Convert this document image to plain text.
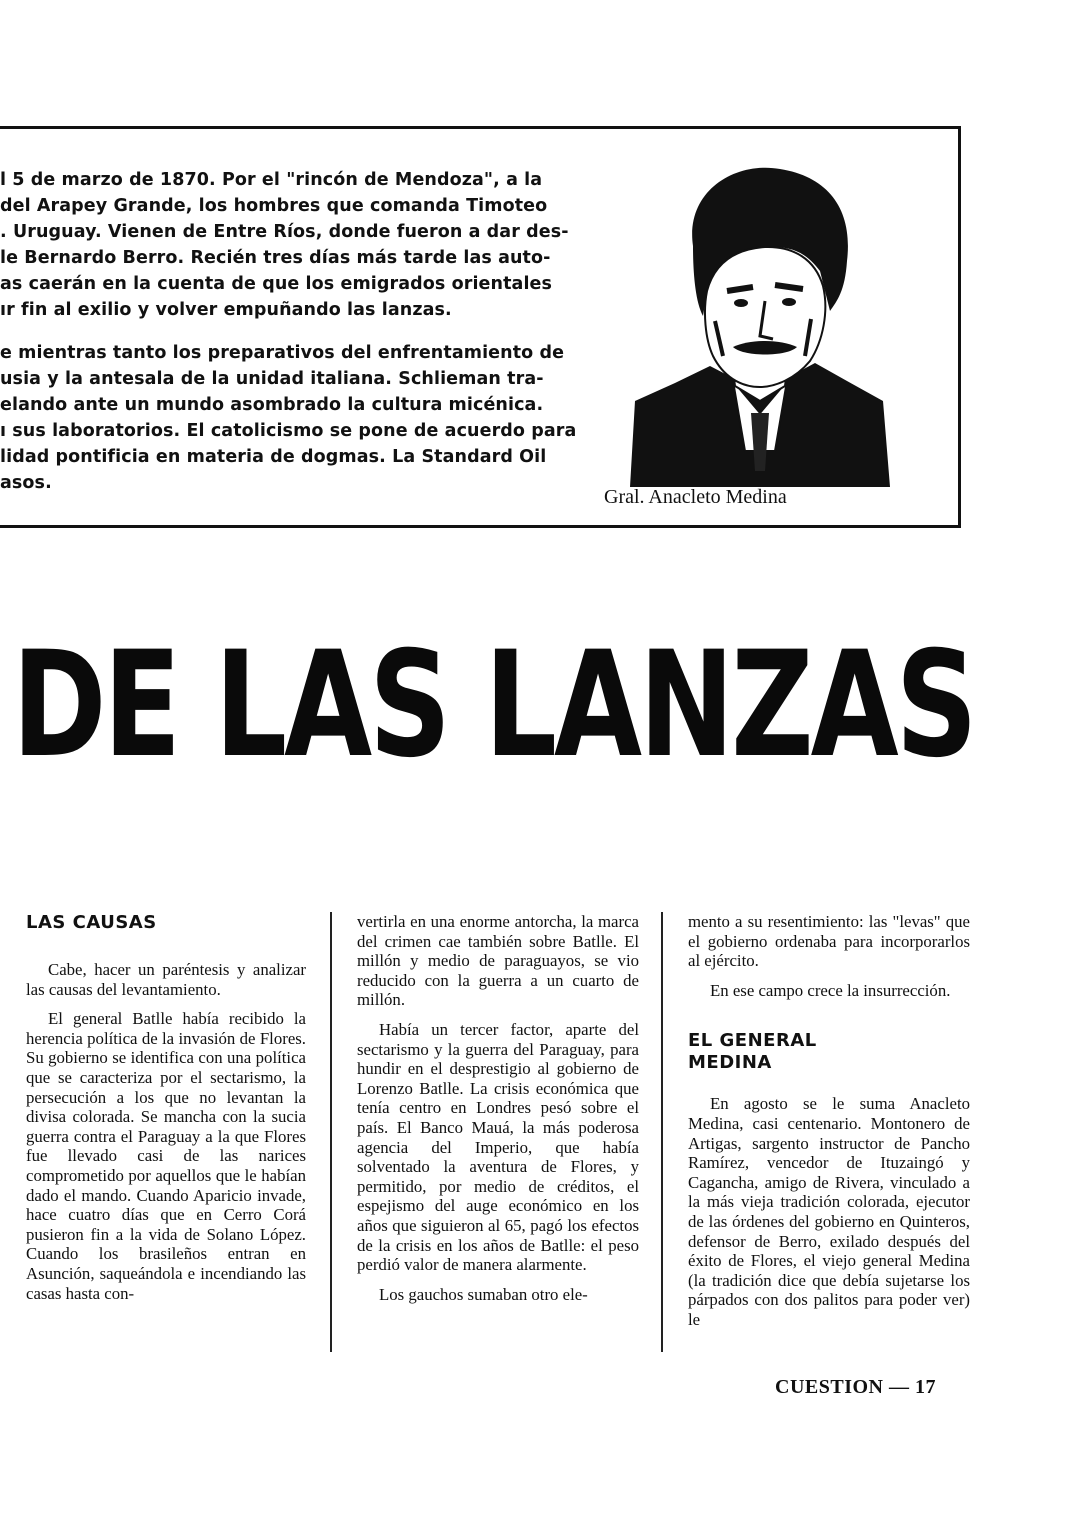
l 5 de marzo de 1870. Por el "rincón de Mendoza", a la
del Arapey Grande, los hombres que comanda Timoteo
. Uruguay. Vienen de Entre Ríos, donde fueron a dar des-
le Bernardo Berro. Recién tres días más tarde las auto-
as caerán en la cuenta de que los emigrados orientales
ır fin al exilio y volver empuñando las lanzas.
e mientras tanto los preparativos del enfrentamiento de
usia y la antesala de la unidad italiana. Schlieman tra-
elando ante un mundo asombrado la cultura micénica.
ı sus laboratorios. El catolicismo se pone de acuerdo para
lidad pontificia en materia de dogmas. La Standard Oil
asos.
Gral. Anacleto Medina
DE LAS LANZAS
LAS CAUSAS

Cabe, hacer un paréntesis y analizar las causas del levantamiento.

El general Batlle había recibido la herencia política de la invasión de Flores. Su gobierno se identifica con una política que se caracteriza por el sectarismo, la persecución a los que no levantan la divisa colorada. Se mancha con la sucia guerra contra el Paraguay a la que Flores fue llevado casi de las narices comprometido por aquellos que le habían dado el mando. Cuando Aparicio invade, hace cuatro días que en Cerro Corá pusieron fin a la vida de Solano López. Cuando los brasileños entran en Asunción, saqueándola e incendiando las casas hasta con-

vertirla en una enorme antorcha, la marca del crimen cae también sobre Batlle. El millón y medio de paraguayos, se vio reducido con la guerra a un cuarto de millón.

Había un tercer factor, aparte del sectarismo y la guerra del Paraguay, para hundir en el desprestigio al gobierno de Lorenzo Batlle. La crisis económica que tenía centro en Londres pesó sobre el país. El Banco Mauá, la más poderosa agencia del Imperio, que había solventado la aventura de Flores, y permitido, por medio de créditos, el espejismo del auge económico en los años que siguieron al 65, pagó los efectos de la crisis en los años de Batlle: el peso perdió valor de manera alarmente.

Los gauchos sumaban otro ele-

mento a su resentimiento: las "levas" que el gobierno ordenaba para incorporarlos al ejército.

En ese campo crece la insurrección.

EL GENERAL
MEDINA

En agosto se le suma Anacleto Medina, casi centenario. Montonero de Artigas, sargento instructor de Pancho Ramírez, vencedor de Ituzaingó y Cagancha, amigo de Rivera, vinculado a la más vieja tradición colorada, ejecutor de las órdenes del gobierno en Quinteros, defensor de Berro, exilado después del éxito de Flores, el viejo general Medina (la tradición dice que debía sujetarse los párpados con dos palitos para poder ver) le

CUESTION — 17
